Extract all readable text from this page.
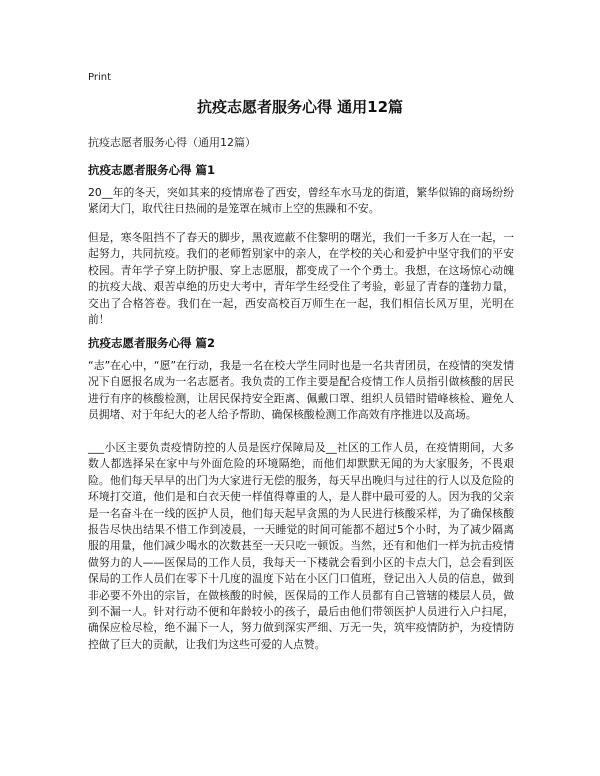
Print
抗疫志愿者服务心得 通用12篇
抗疫志愿者服务心得（通用12篇）
抗疫志愿者服务心得 篇1

20__年的冬天，突如其来的疫情席卷了西安，曾经车水马龙的街道，繁华似锦的商场纷纷紧闭大门，取代往日热闹的是笼罩在城市上空的焦躁和不安。

但是，寒冬阻挡不了春天的脚步，黑夜遮蔽不住黎明的曙光，我们一千多万人在一起，一起努力，共同抗疫。我们的老师暂别家中的亲人，在学校的关心和爱护中坚守我们的平安校园。青年学子穿上防护服、穿上志愿服，都变成了一个个勇士。我想，在这场惊心动魄的抗疫大战、艰苦卓绝的历史大考中，青年学生经受住了考验，彰显了青春的蓬勃力量，交出了合格答卷。我们在一起，西安高校百万师生在一起，我们相信长风万里，光明在前！

抗疫志愿者服务心得 篇2

“志”在心中，“愿”在行动，我是一名在校大学生同时也是一名共青团员，在疫情的突发情况下自愿报名成为一名志愿者。我负责的工作主要是配合疫情工作人员指引做核酸的居民进行有序的核酸检测，让居民保持安全距离、佩戴口罩、组织人员错时错峰核检、避免人员拥堵、对于年纪大的老人给予帮助、确保核酸检测工作高效有序推进以及高场。

___小区主要负责疫情防控的人员是医疗保障局及__社区的工作人员，在疫情期间，大多数人都选择呆在家中与外面危险的环境隔绝，而他们却默默无闻的为大家服务，不畏艰险。他们每天早早的出门为大家进行无偿的服务，每天早出晚归与过往的行人以及危险的环境打交道，他们是和白衣天使一样值得尊重的人，是人群中最可爱的人。因为我的父亲是一名奋斗在一线的医护人员，他们每天起早贪黑的为人民进行核酸采样，为了确保核酸报告尽快出结果不惜工作到凌晨，一天睡觉的时间可能都不超过5个小时，为了减少隔离服的用量，他们减少喝水的次数甚至一天只吃一顿饭。当然，还有和他们一样为抗击疫情做努力的人——医保局的工作人员，我每天一下楼就会看到小区的卡点大门，总会看到医保局的工作人员们在零下十几度的温度下站在小区门口值班，登记出入人员的信息，做到非必要不外出的宗旨，在做核酸的时候，医保局的工作人员都有自己管辖的楼层人员，做到不漏一人。针对行动不便和年龄较小的孩子，最后由他们带领医护人员进行入户扫尾，确保应检尽检，绝不漏下一人，努力做到深实严细、万无一失，筑牢疫情防护，为疫情防控做了巨大的贡献，让我们为这些可爱的人点赞。
